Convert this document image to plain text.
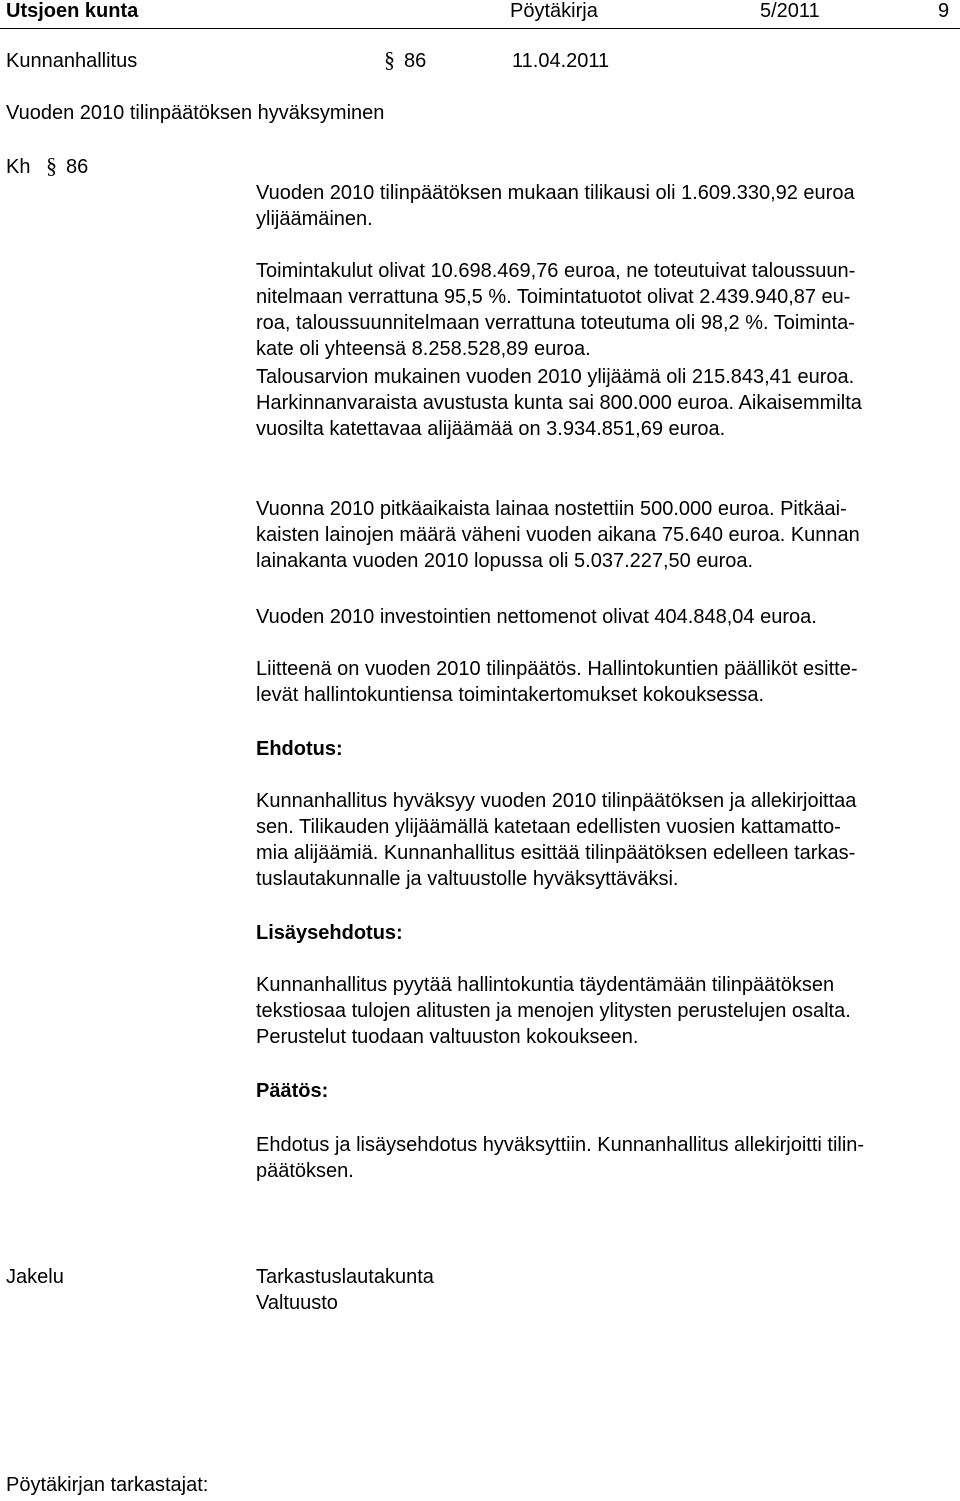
Utsjoen kunta	Pöytäkirja	5/2011	9
Kunnanhallitus	§ 86	11.04.2011
Vuoden 2010 tilinpäätöksen hyväksyminen
Kh § 86
Vuoden 2010 tilinpäätöksen mukaan tilikausi oli 1.609.330,92 euroa
ylijäämäinen.
Toimintakulut olivat 10.698.469,76 euroa, ne toteutuivat taloussuun-
nitelmaan verrattuna 95,5 %. Toimintatuotot olivat 2.439.940,87 eu-
roa, taloussuunnitelmaan verrattuna toteutuma oli 98,2 %. Toiminta-
kate oli yhteensä 8.258.528,89 euroa.
Talousarvion mukainen vuoden 2010 ylijäämä oli 215.843,41 euroa.
Harkinnanvaraista avustusta kunta sai 800.000 euroa. Aikaisemmilta
vuosilta katettavaa alijäämää on 3.934.851,69 euroa.
Vuonna 2010 pitkäaikaista lainaa nostettiin 500.000 euroa. Pitkäai-
kaisten lainojen määrä väheni vuoden aikana 75.640 euroa. Kunnan
lainakanta vuoden 2010 lopussa oli 5.037.227,50 euroa.
Vuoden 2010 investointien nettomenot olivat 404.848,04 euroa.
Liitteenä on vuoden 2010 tilinpäätös. Hallintokuntien päälliköt esitte-
levät hallintokuntiensa toimintakertomukset kokouksessa.
Ehdotus:
Kunnanhallitus hyväksyy vuoden 2010 tilinpäätöksen ja allekirjoittaa
sen. Tilikauden ylijäämällä katetaan edellisten vuosien kattamatto-
mia alijäämiä. Kunnanhallitus esittää tilinpäätöksen edelleen tarkas-
tuslautakunnalle ja valtuustolle hyväksyttäväksi.
Lisäysehdotus:
Kunnanhallitus pyytää hallintokuntia täydentämään tilinpäätöksen
tekstiosaa tulojen alitusten ja menojen ylitysten perustelujen osalta.
Perustelut tuodaan valtuuston kokoukseen.
Päätös:
Ehdotus ja lisäysehdotus hyväksyttiin. Kunnanhallitus allekirjoitti tilin-
päätöksen.
Jakelu	Tarkastuslautakunta
Valtuusto
Pöytäkirjan tarkastajat:
